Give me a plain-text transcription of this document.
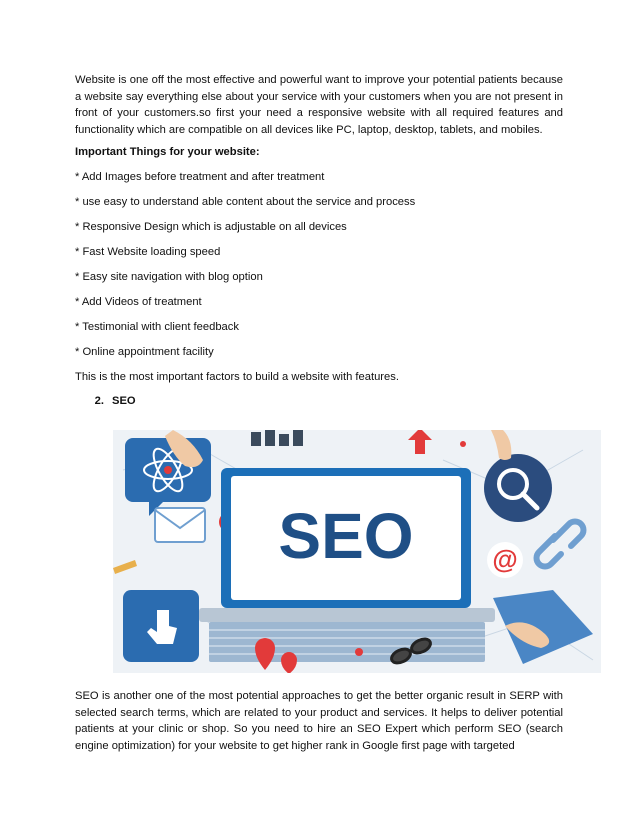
Website is one off the most effective and powerful want to improve your potential patients because a website say everything else about your service with your customers when you are not present in front of your customers.so first your need a responsive website with all required features and functionality which are compatible on all devices like PC, laptop, desktop, tablets, and mobiles.

Important Things for your website:

* Add Images before treatment and after treatment

* use easy to understand able content about the service and process

* Responsive Design which is adjustable on all devices

* Fast Website loading speed

* Easy site navigation with blog option

* Add Videos of treatment

* Testimonial with client feedback

* Online appointment facility

This is the most important factors to build a website with features.

2. SEO
SEO	@

SEO is another one of the most potential approaches to get the better organic result in SERP with selected search terms, which are related to your product and services. It helps to deliver potential patients at your clinic or shop. So you need to hire an SEO Expert which perform SEO (search engine optimization) for your website to get higher rank in Google first page with targeted
